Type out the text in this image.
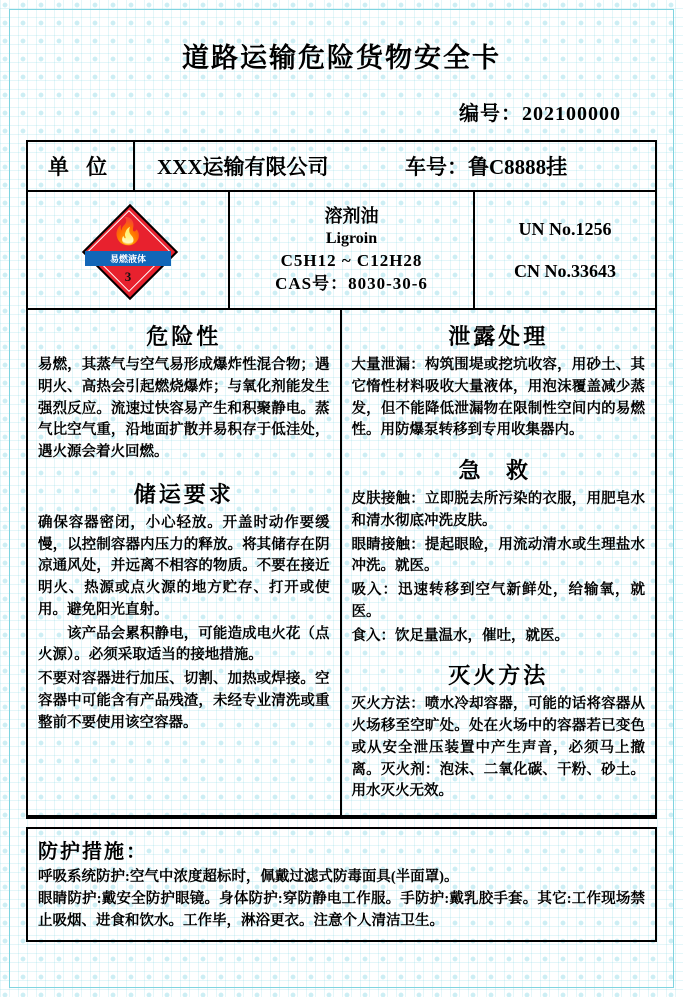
道路运输危险货物安全卡
编号：202100000
单 位	XXX运输有限公司	车号： 鲁C8888挂
🔥
易燃液体
3
溶剂油
Ligroin
C5H12 ~ C12H28
CAS号：8030-30-6
UN No.1256
CN No.33643
危险性

易燃，其蒸气与空气易形成爆炸性混合物；遇明火、高热会引起燃烧爆炸；与氧化剂能发生强烈反应。流速过快容易产生和积聚静电。蒸气比空气重，沿地面扩散并易积存于低洼处，遇火源会着火回燃。

储运要求

确保容器密闭，小心轻放。开盖时动作要缓慢，以控制容器内压力的释放。将其储存在阴凉通风处，并远离不相容的物质。不要在接近明火、热源或点火源的地方贮存、打开或使用。避免阳光直射。

该产品会累积静电，可能造成电火花（点火源）。必须采取适当的接地措施。

不要对容器进行加压、切割、加热或焊接。空容器中可能含有产品残渣，未经专业清洗或重整前不要使用该空容器。

泄露处理

大量泄漏：构筑围堤或挖坑收容，用砂土、其它惰性材料吸收大量液体，用泡沫覆盖减少蒸发，但不能降低泄漏物在限制性空间内的易燃性。用防爆泵转移到专用收集器内。

急 救

皮肤接触：立即脱去所污染的衣服，用肥皂水和清水彻底冲洗皮肤。

眼睛接触：提起眼睑，用流动清水或生理盐水冲洗。就医。

吸入：迅速转移到空气新鲜处，给输氧，就医。

食入：饮足量温水，催吐，就医。

灭火方法

灭火方法：喷水冷却容器，可能的话将容器从火场移至空旷处。处在火场中的容器若已变色或从安全泄压装置中产生声音，必须马上撤离。灭火剂：泡沫、二氧化碳、干粉、砂土。用水灭火无效。

防护措施：
呼吸系统防护:空气中浓度超标时，佩戴过滤式防毒面具(半面罩)。
眼睛防护:戴安全防护眼镜。身体防护:穿防静电工作服。手防护:戴乳胶手套。其它:工作现场禁止吸烟、进食和饮水。工作毕，淋浴更衣。注意个人清洁卫生。
